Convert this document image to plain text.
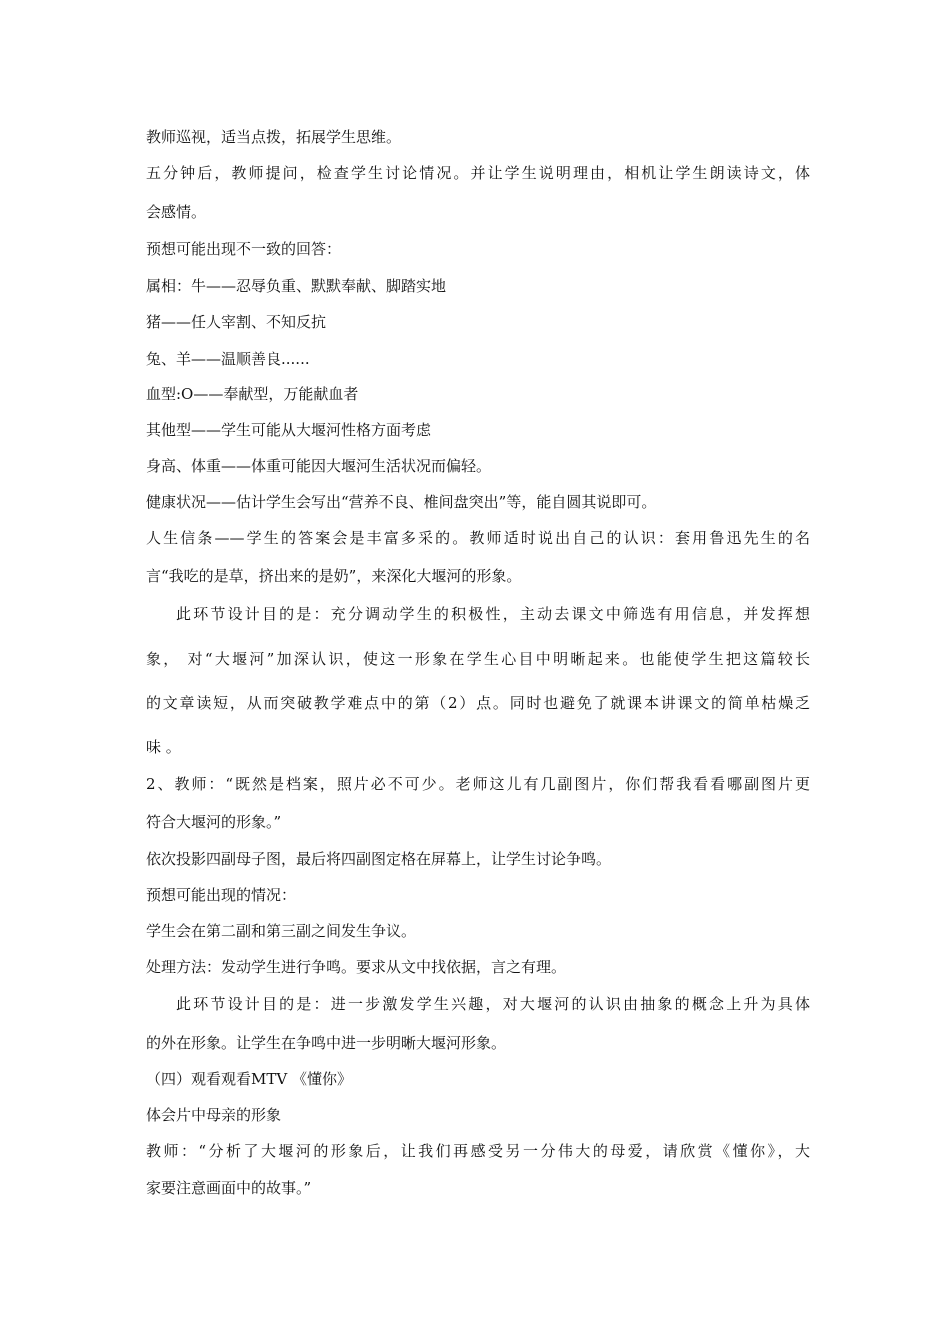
教师巡视，适当点拨，拓展学生思维。
五分钟后，教师提问，检查学生讨论情况。并让学生说明理由，相机让学生朗读诗文，体
会感情。
预想可能出现不一致的回答：
属相：牛——忍辱负重、默默奉献、脚踏实地
猪——任人宰割、不知反抗
兔、羊——温顺善良......
血型:O——奉献型，万能献血者
其他型——学生可能从大堰河性格方面考虑
身高、体重——体重可能因大堰河生活状况而偏轻。
健康状况——估计学生会写出“营养不良、椎间盘突出”等，能自圆其说即可。
人生信条——学生的答案会是丰富多采的。教师适时说出自己的认识：套用鲁迅先生的名
言“我吃的是草，挤出来的是奶”，来深化大堰河的形象。
此环节设计目的是：充分调动学生的积极性，主动去课文中筛选有用信息，并发挥想
象， 对“大堰河”加深认识，使这一形象在学生心目中明晰起来。也能使学生把这篇较长
的文章读短，从而突破教学难点中的第（2）点。同时也避免了就课本讲课文的简单枯燥乏
味 。
2、教师：“既然是档案，照片必不可少。老师这儿有几副图片，你们帮我看看哪副图片更
符合大堰河的形象。”
依次投影四副母子图，最后将四副图定格在屏幕上，让学生讨论争鸣。
预想可能出现的情况：
学生会在第二副和第三副之间发生争议。
处理方法：发动学生进行争鸣。要求从文中找依据，言之有理。
此环节设计目的是：进一步激发学生兴趣，对大堰河的认识由抽象的概念上升为具体
的外在形象。让学生在争鸣中进一步明晰大堰河形象。
（四）观看观看MTV 《懂你》
体会片中母亲的形象
教师：“分析了大堰河的形象后，让我们再感受另一分伟大的母爱，请欣赏《懂你》，大
家要注意画面中的故事。”
